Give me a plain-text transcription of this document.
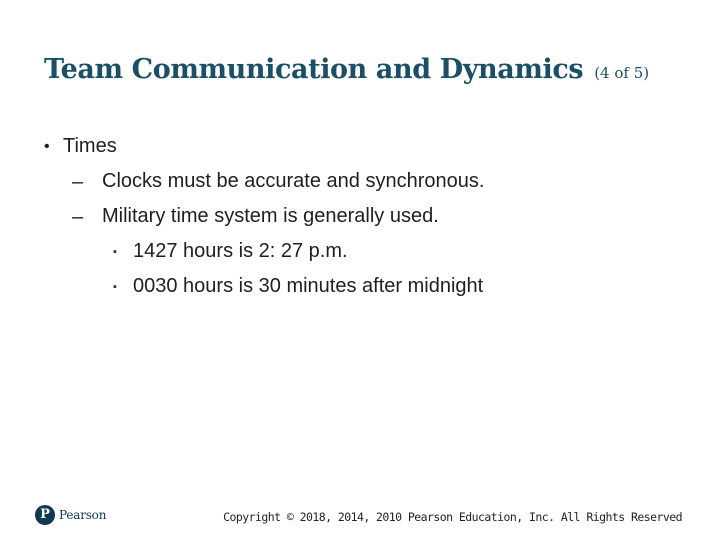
Team Communication and Dynamics (4 of 5)
• Times
– Clocks must be accurate and synchronous.
– Military time system is generally used.
▪ 1427 hours is 2: 27 p.m.
▪ 0030 hours is 30 minutes after midnight
P Pearson	Copyright © 2018, 2014, 2010 Pearson Education, Inc. All Rights Reserved
